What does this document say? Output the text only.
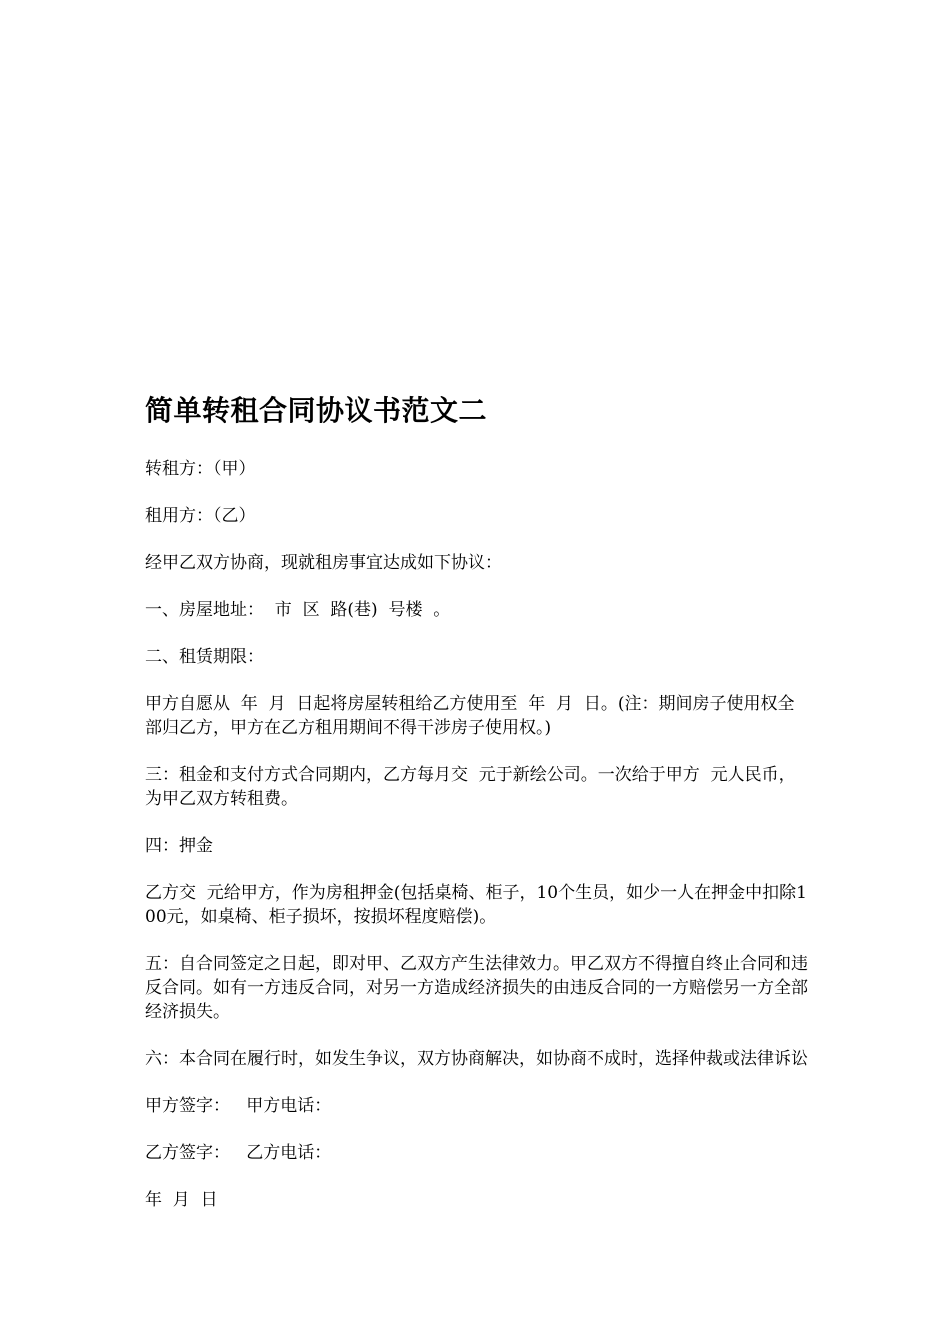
简单转租合同协议书范文二

转租方：（甲）

租用方：（乙）

经甲乙双方协商，现就租房事宜达成如下协议：

一、房屋地址：  市  区  路(巷)  号楼  。

二、租赁期限：

甲方自愿从  年  月  日起将房屋转租给乙方使用至  年  月  日。(注：期间房子使用权全部归乙方，甲方在乙方租用期间不得干涉房子使用权。)

三：租金和支付方式合同期内，乙方每月交  元于新绘公司。一次给于甲方  元人民币，为甲乙双方转租费。

四：押金

乙方交  元给甲方，作为房租押金(包括桌椅、柜子，10个生员，如少一人在押金中扣除100元，如桌椅、柜子损坏，按损坏程度赔偿)。

五：自合同签定之日起，即对甲、乙双方产生法律效力。甲乙双方不得擅自终止合同和违反合同。如有一方违反合同，对另一方造成经济损失的由违反合同的一方赔偿另一方全部经济损失。

六：本合同在履行时，如发生争议，双方协商解决，如协商不成时，选择仲裁或法律诉讼

甲方签字：   甲方电话：

乙方签字：   乙方电话：

年  月  日
